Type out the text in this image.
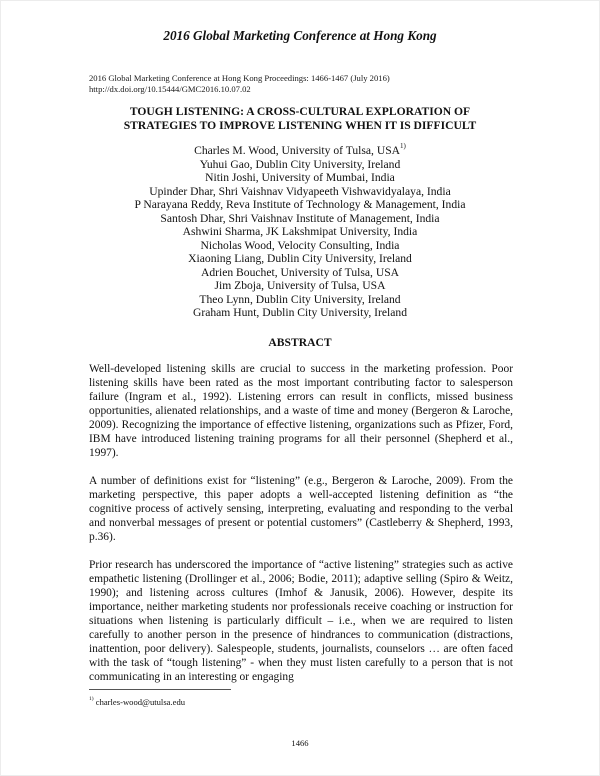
2016 Global Marketing Conference at Hong Kong
2016 Global Marketing Conference at Hong Kong Proceedings: 1466-1467 (July 2016)
http://dx.doi.org/10.15444/GMC2016.10.07.02
TOUGH LISTENING: A CROSS-CULTURAL EXPLORATION OF
STRATEGIES TO IMPROVE LISTENING WHEN IT IS DIFFICULT
Charles M. Wood, University of Tulsa, USA$^{1)}$
Yuhui Gao, Dublin City University, Ireland
Nitin Joshi, University of Mumbai, India
Upinder Dhar, Shri Vaishnav Vidyapeeth Vishwavidyalaya, India
P Narayana Reddy, Reva Institute of Technology & Management, India
Santosh Dhar, Shri Vaishnav Institute of Management, India
Ashwini Sharma, JK Lakshmipat University, India
Nicholas Wood, Velocity Consulting, India
Xiaoning Liang, Dublin City University, Ireland
Adrien Bouchet, University of Tulsa, USA
Jim Zboja, University of Tulsa, USA
Theo Lynn, Dublin City University, Ireland
Graham Hunt, Dublin City University, Ireland
ABSTRACT
Well-developed listening skills are crucial to success in the marketing profession. Poor listening skills have been rated as the most important contributing factor to salesperson failure (Ingram et al., 1992). Listening errors can result in conflicts, missed business opportunities, alienated relationships, and a waste of time and money (Bergeron & Laroche, 2009). Recognizing the importance of effective listening, organizations such as Pfizer, Ford, IBM have introduced listening training programs for all their personnel (Shepherd et al., 1997).
A number of definitions exist for “listening” (e.g., Bergeron & Laroche, 2009). From the marketing perspective, this paper adopts a well-accepted listening definition as “the cognitive process of actively sensing, interpreting, evaluating and responding to the verbal and nonverbal messages of present or potential customers” (Castleberry & Shepherd, 1993, p.36).
Prior research has underscored the importance of “active listening” strategies such as active empathetic listening (Drollinger et al., 2006; Bodie, 2011); adaptive selling (Spiro & Weitz, 1990); and listening across cultures (Imhof & Janusik, 2006). However, despite its importance, neither marketing students nor professionals receive coaching or instruction for situations when listening is particularly difficult – i.e., when we are required to listen carefully to another person in the presence of hindrances to communication (distractions, inattention, poor delivery). Salespeople, students, journalists, counselors … are often faced with the task of “tough listening” - when they must listen carefully to a person that is not communicating in an interesting or engaging
$^{1)}$ charles-wood@utulsa.edu
1466
